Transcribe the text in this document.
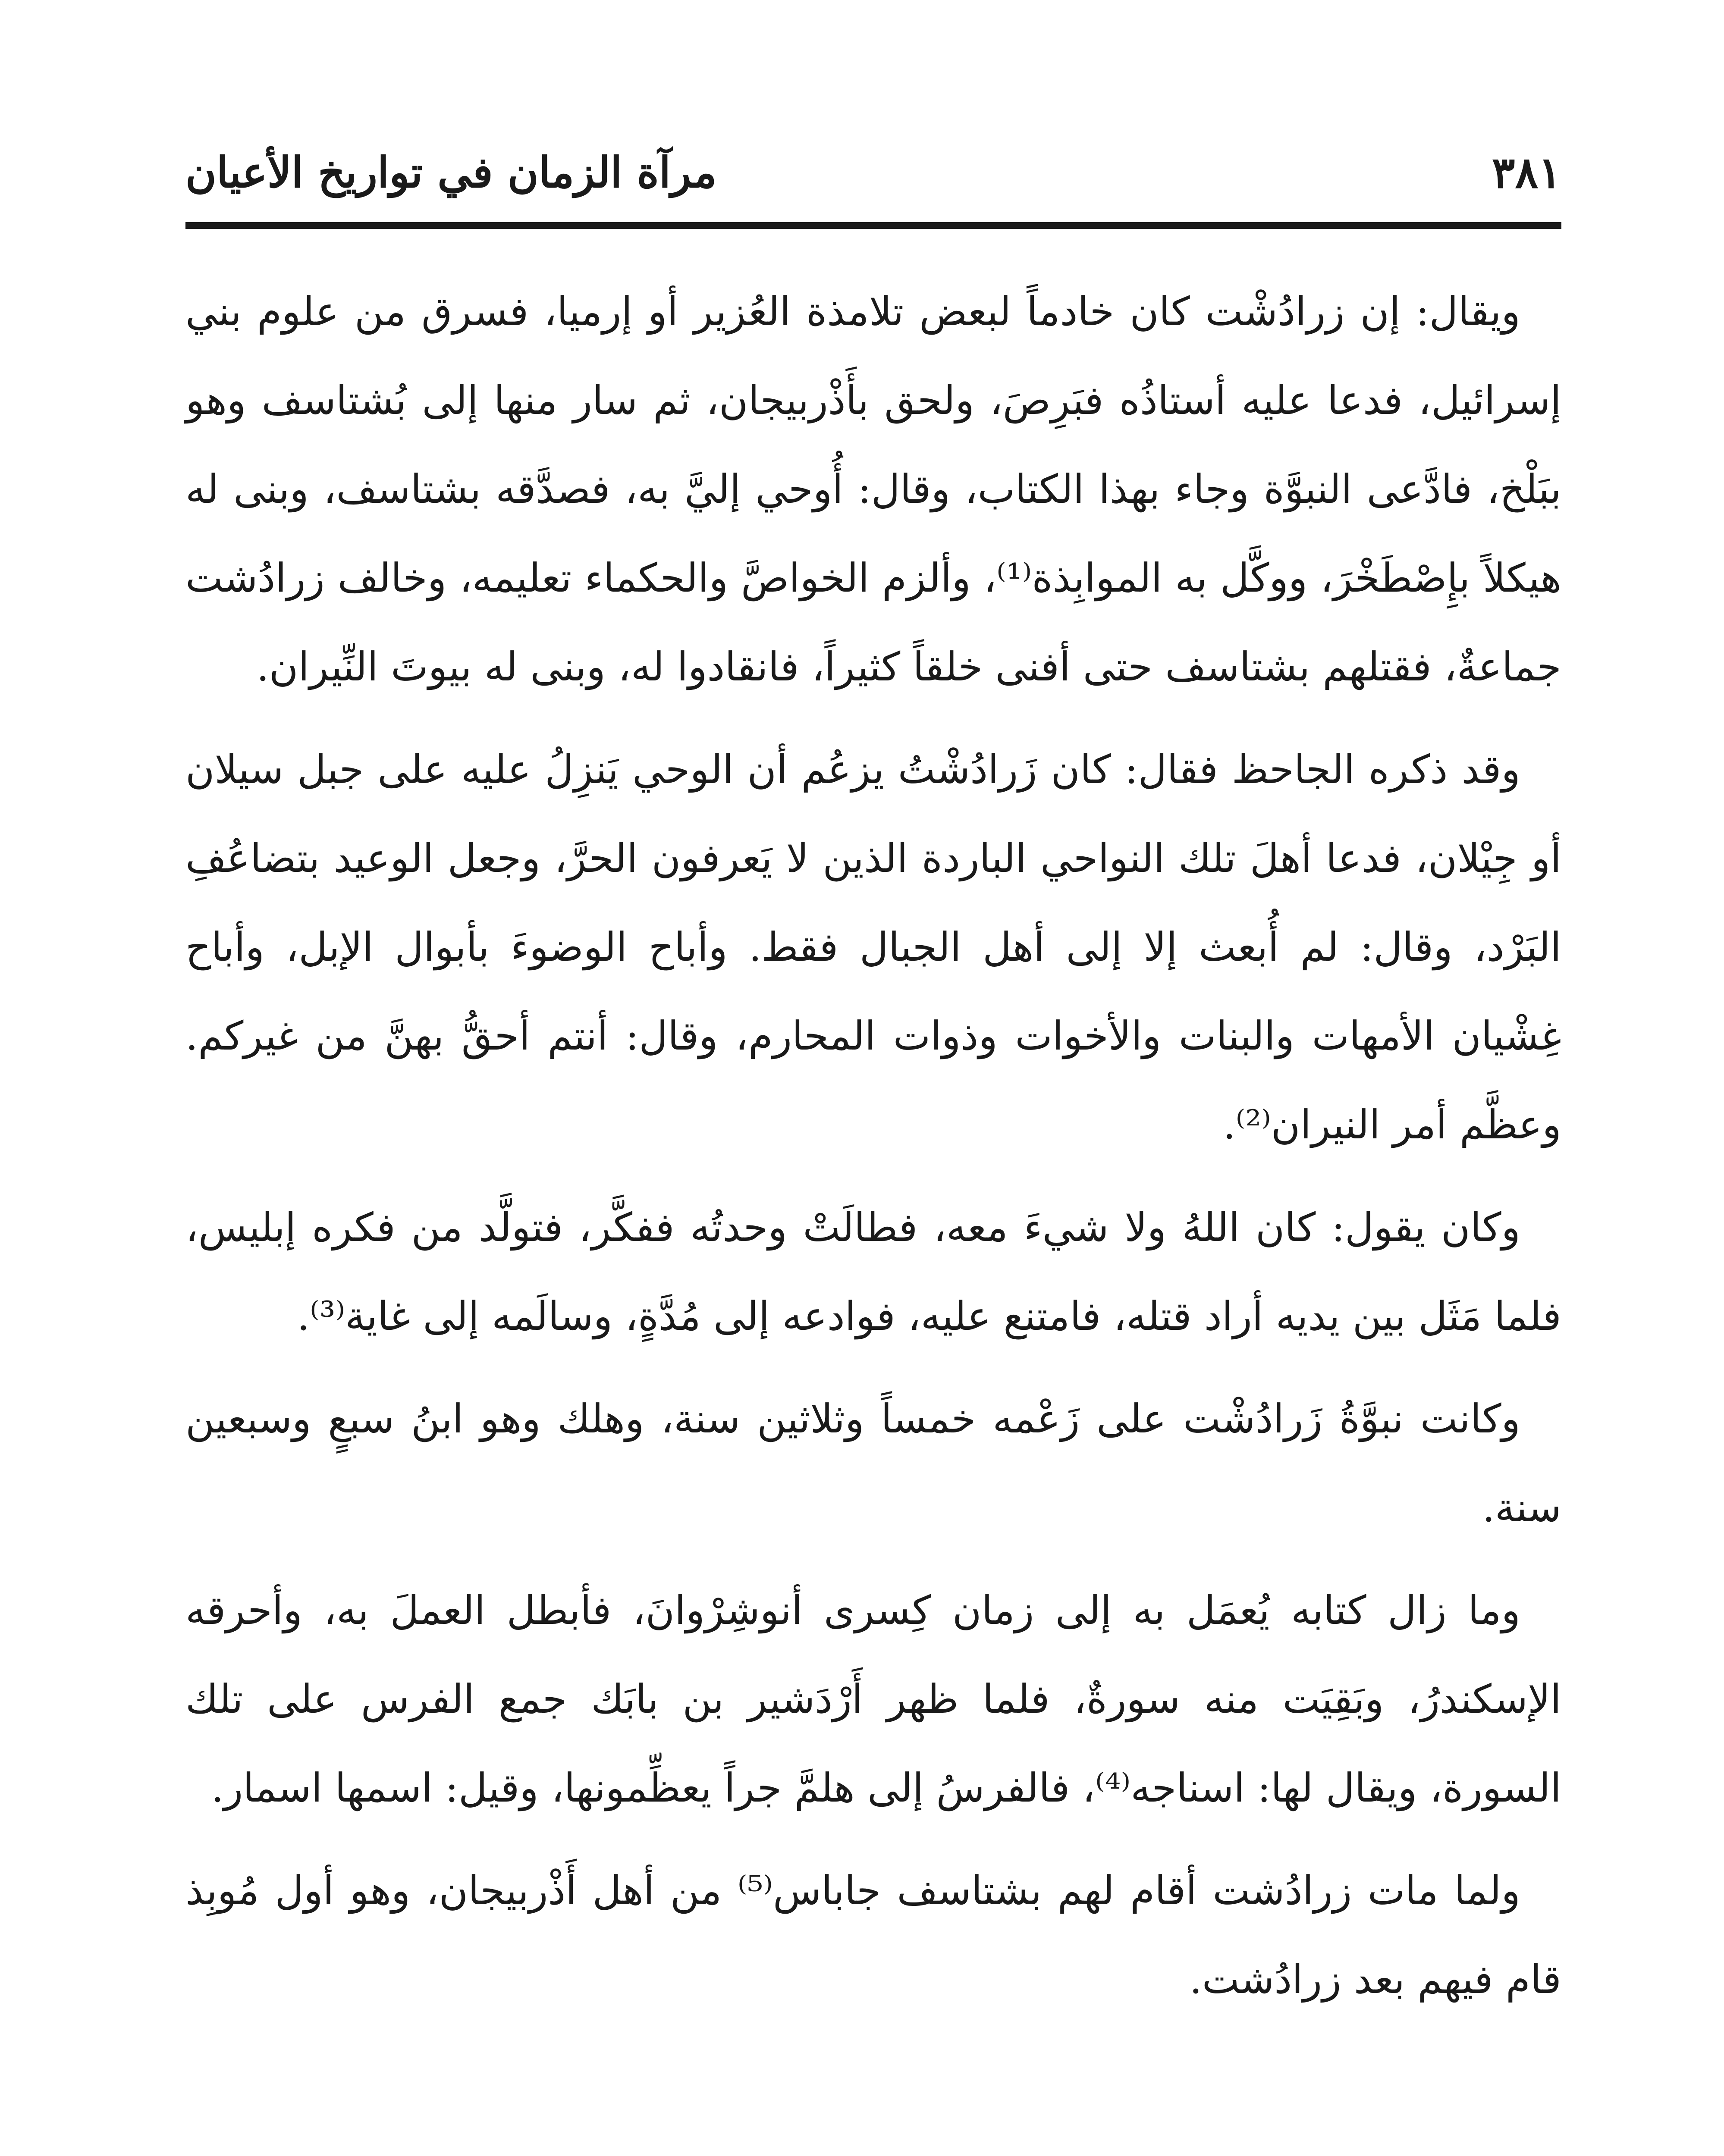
٣٨١
مرآة الزمان في تواريخ الأعيان

ويقال: إن زرادُشْت كان خادماً لبعض تلامذة العُزير أو إرميا، فسرق من علوم بني إسرائيل، فدعا عليه أستاذُه فبَرِصَ، ولحق بأَذْربيجان، ثم سار منها إلى بُشتاسف وهو ببَلْخ، فادَّعى النبوَّة وجاء بهذا الكتاب، وقال: أُوحي إليَّ به، فصدَّقه بشتاسف، وبنى له هيكلاً بإِصْطَخْرَ، ووكَّل به الموابِذة⁽¹⁾، وألزم الخواصَّ والحكماء تعليمه، وخالف زرادُشت جماعةٌ، فقتلهم بشتاسف حتى أفنى خلقاً كثيراً، فانقادوا له، وبنى له بيوتَ النِّيران.

وقد ذكره الجاحظ فقال: كان زَرادُشْتُ يزعُم أن الوحي يَنزِلُ عليه على جبل سيلان أو جِيْلان، فدعا أهلَ تلك النواحي الباردة الذين لا يَعرفون الحرَّ، وجعل الوعيد بتضاعُفِ البَرْد، وقال: لم أُبعث إلا إلى أهل الجبال فقط. وأباح الوضوءَ بأبوال الإبل، وأباح غِشْيان الأمهات والبنات والأخوات وذوات المحارم، وقال: أنتم أحقُّ بهنَّ من غيركم. وعظَّم أمر النيران⁽²⁾.

وكان يقول: كان اللهُ ولا شيءَ معه، فطالَتْ وحدتُه ففكَّر، فتولَّد من فكره إبليس، فلما مَثَل بين يديه أراد قتله، فامتنع عليه، فوادعه إلى مُدَّةٍ، وسالَمه إلى غاية⁽³⁾.

وكانت نبوَّةُ زَرادُشْت على زَعْمه خمساً وثلاثين سنة، وهلك وهو ابنُ سبعٍ وسبعين سنة.

وما زال كتابه يُعمَل به إلى زمان كِسرى أنوشِرْوانَ، فأبطل العملَ به، وأحرقه الإسكندرُ، وبَقِيَت منه سورةٌ، فلما ظهر أَرْدَشير بن بابَك جمع الفرس على تلك السورة، ويقال لها: اسناجه⁽⁴⁾، فالفرسُ إلى هلمَّ جراً يعظِّمونها، وقيل: اسمها اسمار.

ولما مات زرادُشت أقام لهم بشتاسف جاباس⁽⁵⁾ من أهل أَذْربيجان، وهو أول مُوبِذ قام فيهم بعد زرادُشت.
